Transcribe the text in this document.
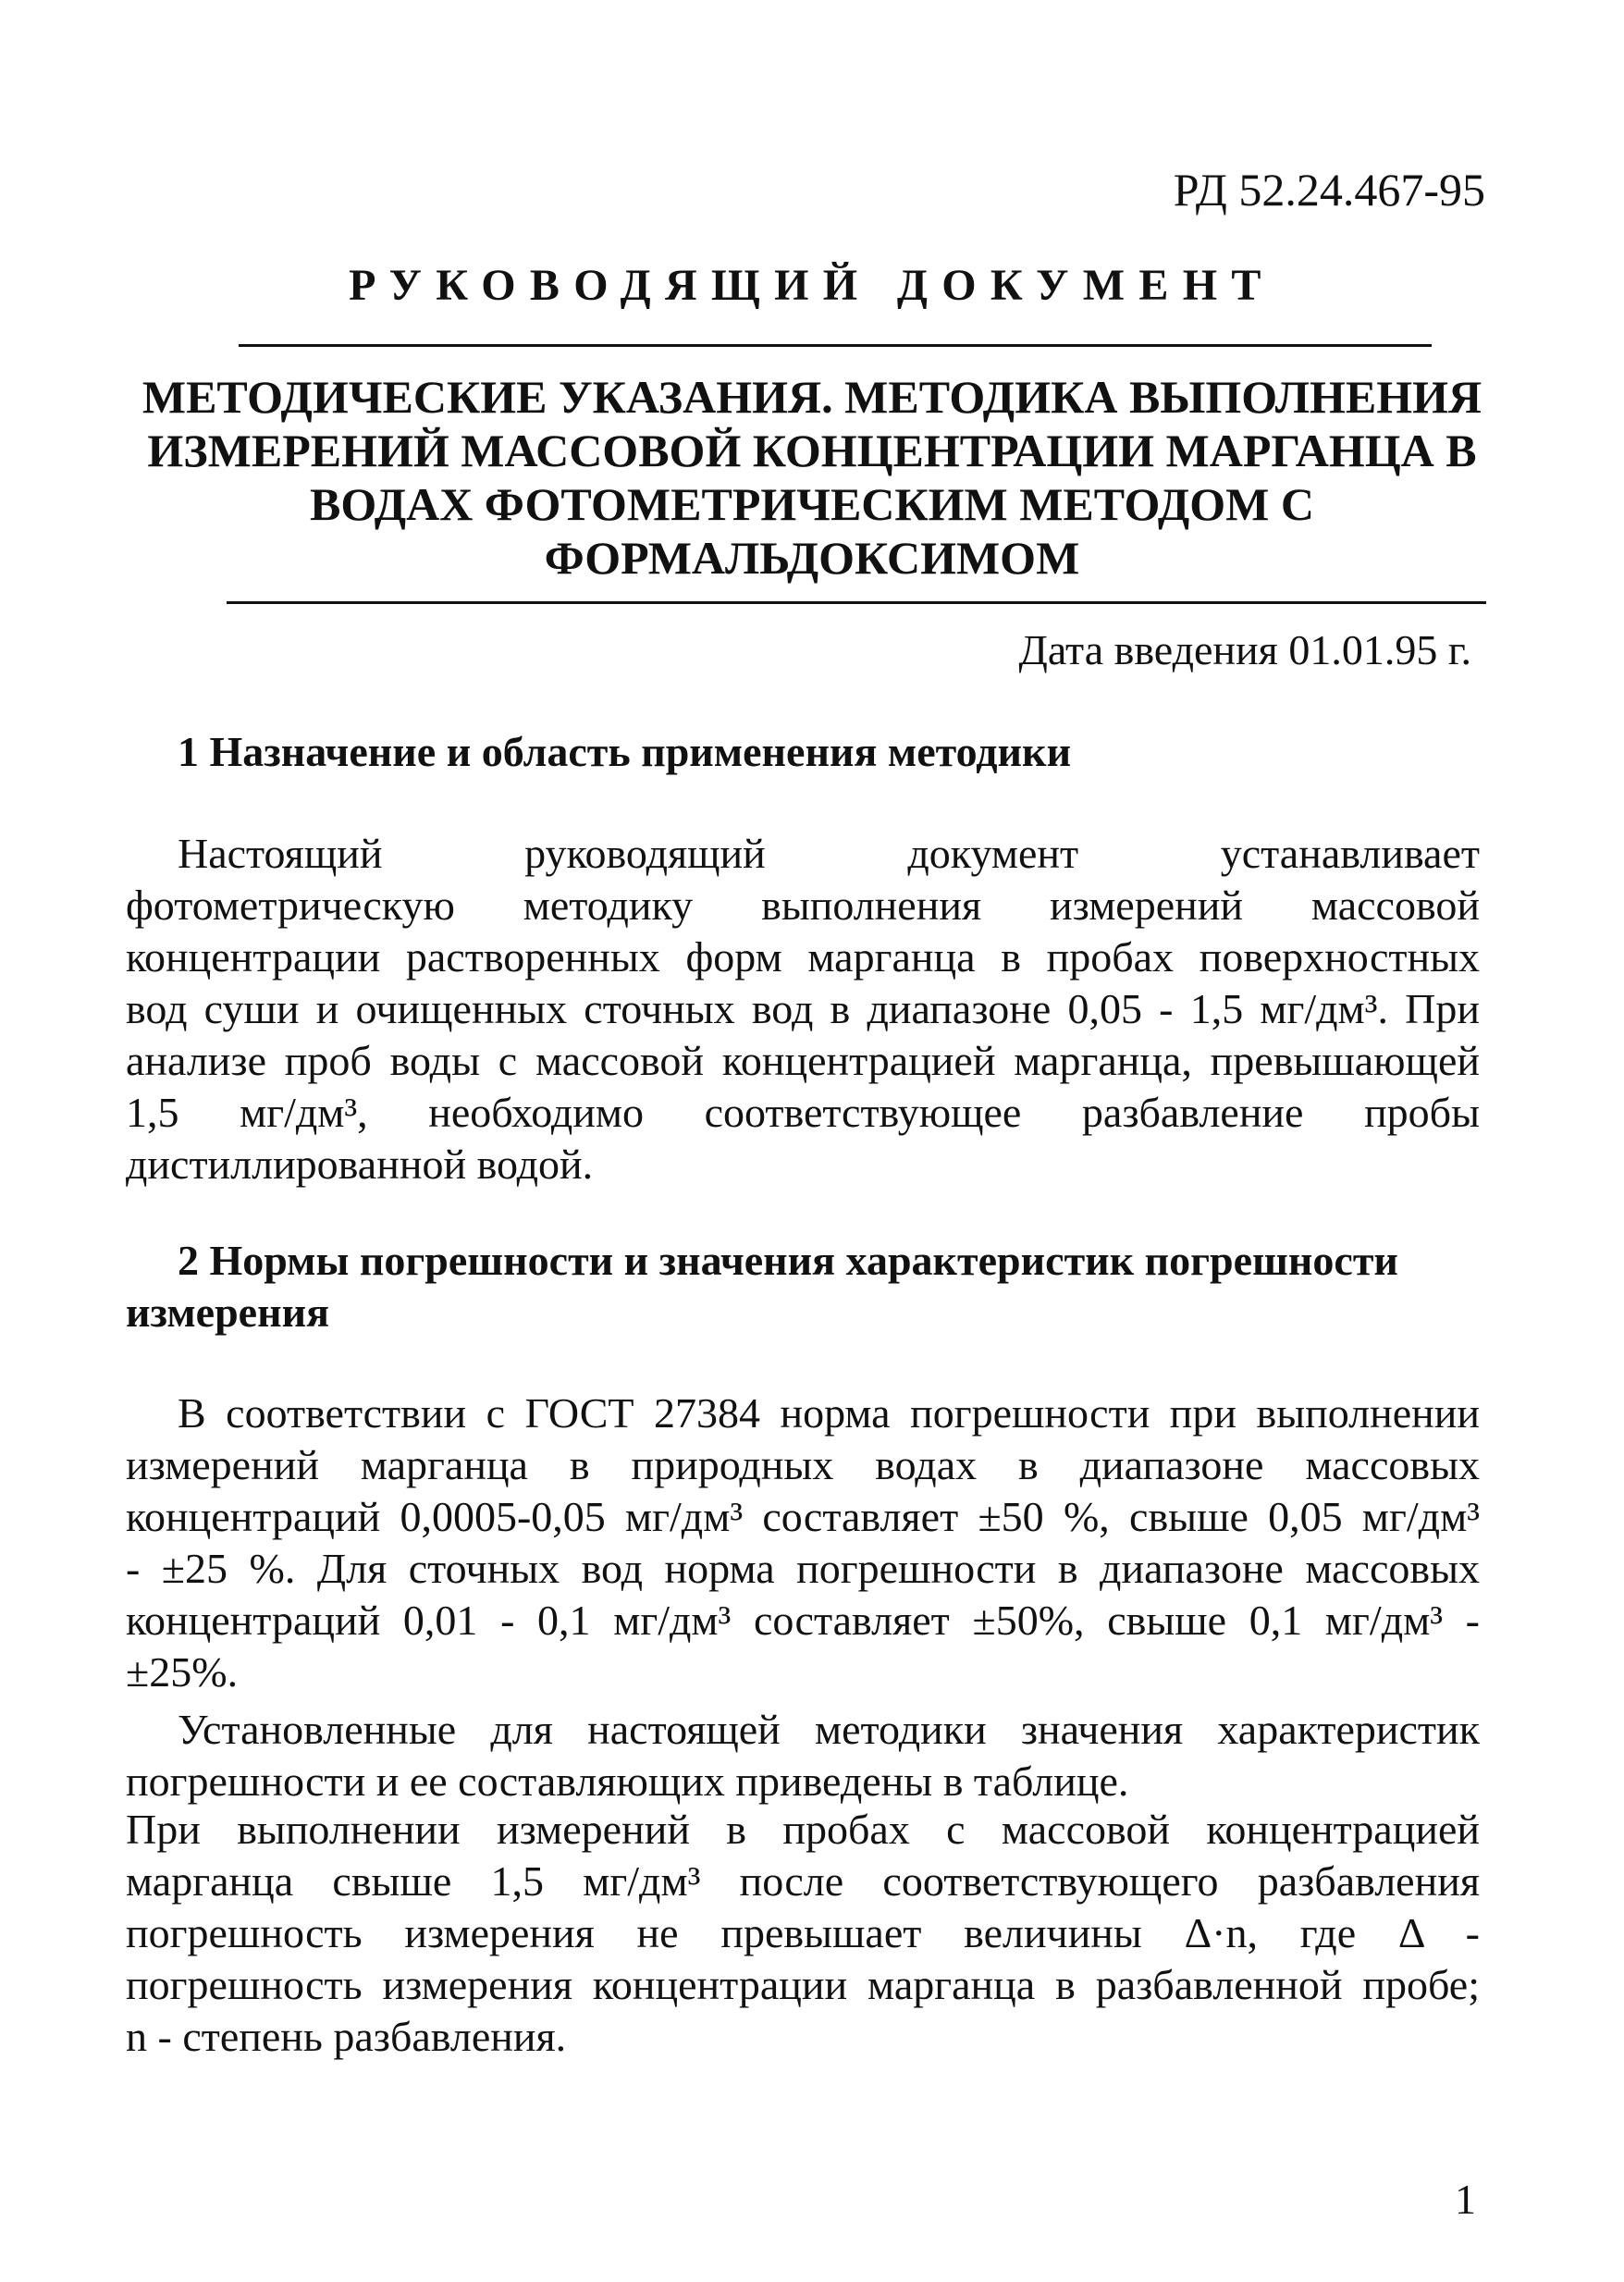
РД 52.24.467-95
РУКОВОДЯЩИЙ ДОКУМЕНТ
МЕТОДИЧЕСКИЕ УКАЗАНИЯ. МЕТОДИКА ВЫПОЛНЕНИЯ
ИЗМЕРЕНИЙ МАССОВОЙ КОНЦЕНТРАЦИИ МАРГАНЦА В
ВОДАХ ФОТОМЕТРИЧЕСКИМ МЕТОДОМ С
ФОРМАЛЬДОКСИМОМ
Дата введения 01.01.95 г.
1 Назначение и область применения методики
Настоящий руководящий документ устанавливает
фотометрическую методику выполнения измерений массовой
концентрации растворенных форм марганца в пробах поверхностных
вод суши и очищенных сточных вод в диапазоне 0,05 - 1,5 мг/дм³. При
анализе проб воды с массовой концентрацией марганца, превышающей
1,5 мг/дм³, необходимо соответствующее разбавление пробы
дистиллированной водой.
2 Нормы погрешности и значения характеристик погрешности
измерения
В соответствии с ГОСТ 27384 норма погрешности при выполнении
измерений марганца в природных водах в диапазоне массовых
концентраций 0,0005-0,05 мг/дм³ составляет ±50 %, свыше 0,05 мг/дм³
- ±25 %. Для сточных вод норма погрешности в диапазоне массовых
концентраций 0,01 - 0,1 мг/дм³ составляет ±50%, свыше 0,1 мг/дм³ -
±25%.
Установленные для настоящей методики значения характеристик
погрешности и ее составляющих приведены в таблице.
При выполнении измерений в пробах с массовой концентрацией
марганца свыше 1,5 мг/дм³ после соответствующего разбавления
погрешность измерения не превышает величины Δ·n, где Δ -
погрешность измерения концентрации марганца в разбавленной пробе;
n - степень разбавления.
1
